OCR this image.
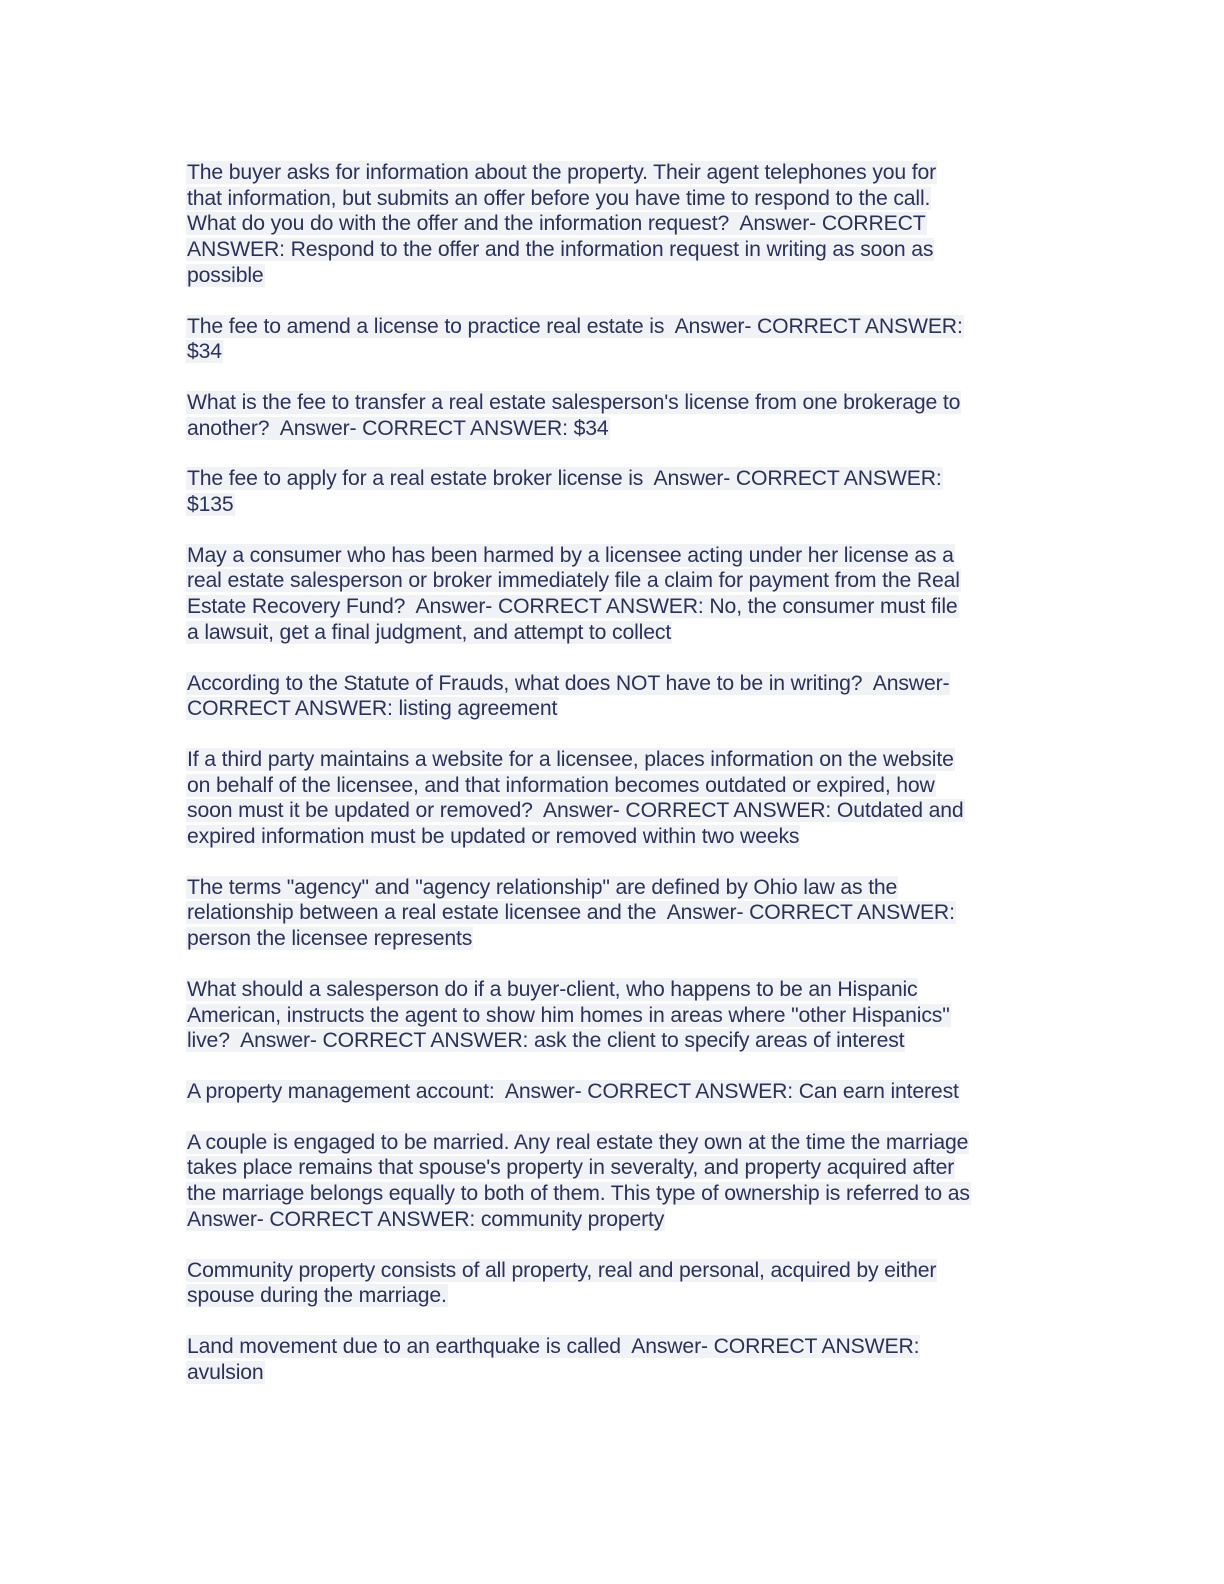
The buyer asks for information about the property. Their agent telephones you for
that information, but submits an offer before you have time to respond to the call.
What do you do with the offer and the information request?  Answer- CORRECT
ANSWER: Respond to the offer and the information request in writing as soon as
possible
The fee to amend a license to practice real estate is  Answer- CORRECT ANSWER:
$34
What is the fee to transfer a real estate salesperson's license from one brokerage to
another?  Answer- CORRECT ANSWER: $34
The fee to apply for a real estate broker license is  Answer- CORRECT ANSWER:
$135
May a consumer who has been harmed by a licensee acting under her license as a
real estate salesperson or broker immediately file a claim for payment from the Real
Estate Recovery Fund?  Answer- CORRECT ANSWER: No, the consumer must file
a lawsuit, get a final judgment, and attempt to collect
According to the Statute of Frauds, what does NOT have to be in writing?  Answer-
CORRECT ANSWER: listing agreement
If a third party maintains a website for a licensee, places information on the website
on behalf of the licensee, and that information becomes outdated or expired, how
soon must it be updated or removed?  Answer- CORRECT ANSWER: Outdated and
expired information must be updated or removed within two weeks
The terms "agency" and "agency relationship" are defined by Ohio law as the
relationship between a real estate licensee and the  Answer- CORRECT ANSWER:
person the licensee represents
What should a salesperson do if a buyer-client, who happens to be an Hispanic
American, instructs the agent to show him homes in areas where "other Hispanics"
live?  Answer- CORRECT ANSWER: ask the client to specify areas of interest
A property management account:  Answer- CORRECT ANSWER: Can earn interest
A couple is engaged to be married. Any real estate they own at the time the marriage
takes place remains that spouse's property in severalty, and property acquired after
the marriage belongs equally to both of them. This type of ownership is referred to as
Answer- CORRECT ANSWER: community property
Community property consists of all property, real and personal, acquired by either
spouse during the marriage.
Land movement due to an earthquake is called  Answer- CORRECT ANSWER:
avulsion
